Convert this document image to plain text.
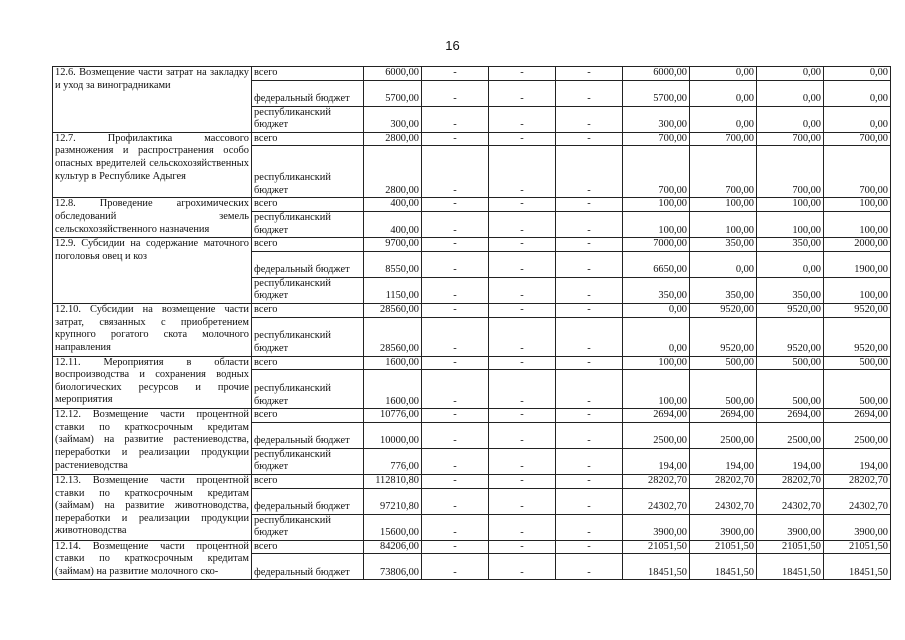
16
12.6. Возмещение части затрат на закладку и уход за виноградниками	всего	6000,00	-	-	-	6000,00	0,00	0,00	0,00
	федеральный бюджет	5700,00	-	-	-	5700,00	0,00	0,00	0,00
	республиканский бюджет	300,00	-	-	-	300,00	0,00	0,00	0,00
12.7. Профилактика массового размножения и распространения особо опасных вредителей сельскохозяйственных культур в Республике Адыгея	всего	2800,00	-	-	-	700,00	700,00	700,00	700,00
	республиканский бюджет	2800,00	-	-	-	700,00	700,00	700,00	700,00
12.8. Проведение агрохимических обследований земель сельскохозяйственного назначения	всего	400,00	-	-	-	100,00	100,00	100,00	100,00
	республиканский бюджет	400,00	-	-	-	100,00	100,00	100,00	100,00
12.9. Субсидии на содержание маточного поголовья овец и коз	всего	9700,00	-	-	-	7000,00	350,00	350,00	2000,00
	федеральный бюджет	8550,00	-	-	-	6650,00	0,00	0,00	1900,00
	республиканский бюджет	1150,00	-	-	-	350,00	350,00	350,00	100,00
12.10. Субсидии на возмещение части затрат, связанных с приобретением крупного рогатого скота молочного направления	всего	28560,00	-	-	-	0,00	9520,00	9520,00	9520,00
	республиканский бюджет	28560,00	-	-	-	0,00	9520,00	9520,00	9520,00
12.11. Мероприятия в области воспроизводства и сохранения водных биологических ресурсов и прочие мероприятия	всего	1600,00	-	-	-	100,00	500,00	500,00	500,00
	республиканский бюджет	1600,00	-	-	-	100,00	500,00	500,00	500,00
12.12. Возмещение части процентной ставки по краткосрочным кредитам (займам) на развитие растениеводства, переработки и реализации продукции растениеводства	всего	10776,00	-	-	-	2694,00	2694,00	2694,00	2694,00
	федеральный бюджет	10000,00	-	-	-	2500,00	2500,00	2500,00	2500,00
	республиканский бюджет	776,00	-	-	-	194,00	194,00	194,00	194,00
12.13. Возмещение части процентной ставки по краткосрочным кредитам (займам) на развитие животноводства, переработки и реализации продукции животноводства	всего	112810,80	-	-	-	28202,70	28202,70	28202,70	28202,70
	федеральный бюджет	97210,80	-	-	-	24302,70	24302,70	24302,70	24302,70
	республиканский бюджет	15600,00	-	-	-	3900,00	3900,00	3900,00	3900,00
12.14. Возмещение части процентной ставки по краткосрочным кредитам (займам) на развитие молочного ско-	всего	84206,00	-	-	-	21051,50	21051,50	21051,50	21051,50
	федеральный бюджет	73806,00	-	-	-	18451,50	18451,50	18451,50	18451,50
